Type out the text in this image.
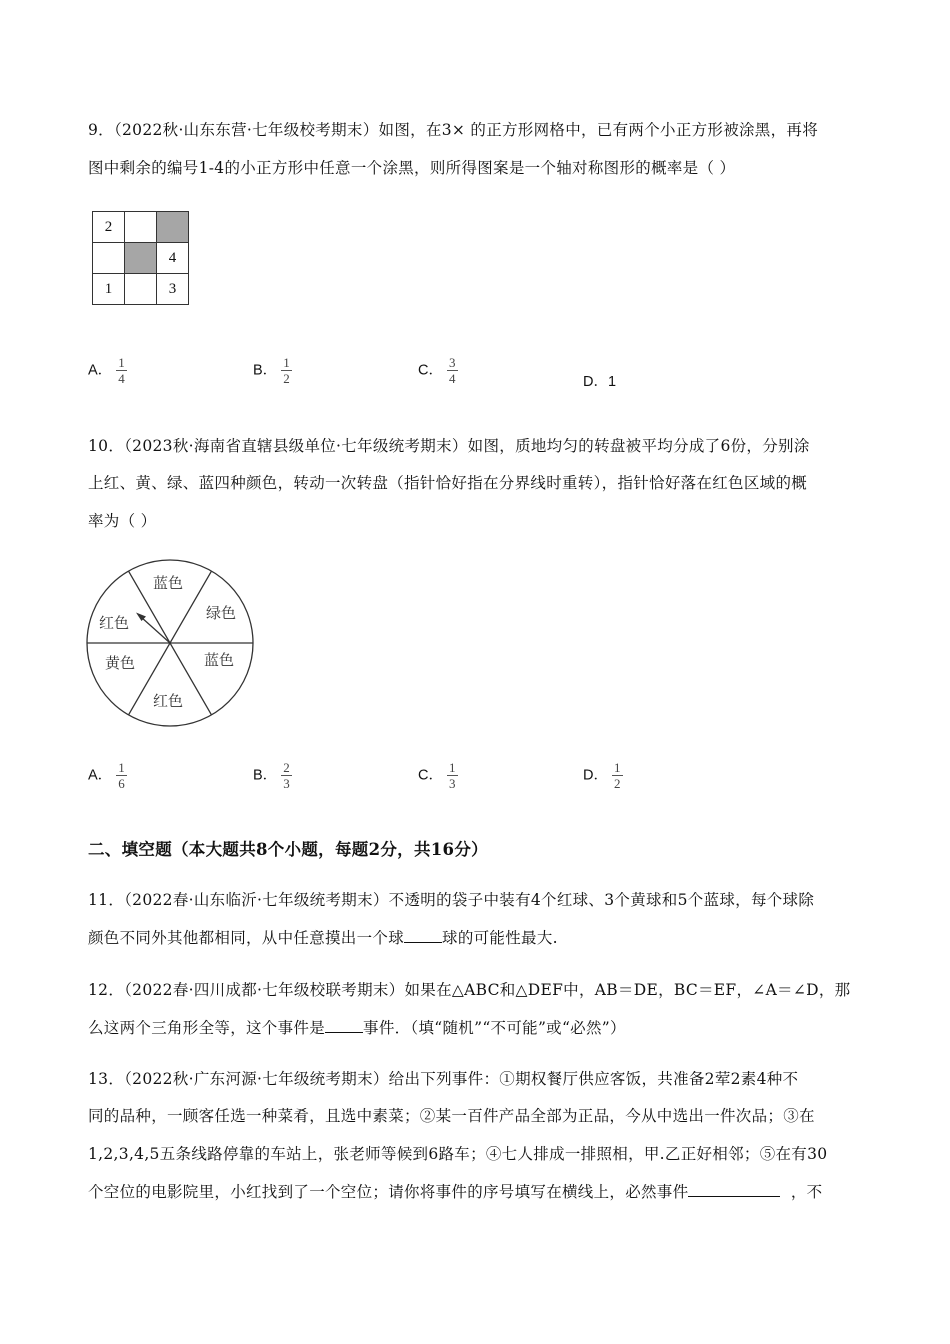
9．（2022秋·山东东营·七年级校考期末）如图，在3× 的正方形网格中，已有两个小正方形被涂黑，再将
图中剩余的编号1-4的小正方形中任意一个涂黑，则所得图案是一个轴对称图形的概率是（ ）
2		
		4
1		3
A． $\frac{1}{4}$	B． $\frac{1}{2}$	C． $\frac{3}{4}$	D．1
10．（2023秋·海南省直辖县级单位·七年级统考期末）如图，质地均匀的转盘被平均分成了6份，分别涂
上红、黄、绿、蓝四种颜色，转动一次转盘（指针恰好指在分界线时重转），指针恰好落在红色区域的概
率为（ ）
蓝色
绿色
蓝色
红色
黄色
红色
A． $\frac{1}{6}$	B． $\frac{2}{3}$	C． $\frac{1}{3}$	D． $\frac{1}{2}$
二、填空题（本大题共8个小题，每题2分，共16分）
11．（2022春·山东临沂·七年级统考期末）不透明的袋子中装有4个红球、3个黄球和5个蓝球，每个球除
颜色不同外其他都相同，从中任意摸出一个球 球的可能性最大.
12．（2022春·四川成都·七年级校联考期末）如果在△ABC和△DEF中，AB＝DE，BC＝EF，∠A＝∠D，那
么这两个三角形全等，这个事件是 事件．（填“随机”“不可能”或“必然”）
13．（2022秋·广东河源·七年级统考期末）给出下列事件：①期权餐厅供应客饭，共准备2荤2素4种不
同的品种，一顾客任选一种菜肴，且选中素菜；②某一百件产品全部为正品，今从中选出一件次品；③在
1,2,3,4,5五条线路停靠的车站上，张老师等候到6路车；④七人排成一排照相，甲.乙正好相邻；⑤在有30
个空位的电影院里，小红找到了一个空位；请你将事件的序号填写在横线上，必然事件	，不
